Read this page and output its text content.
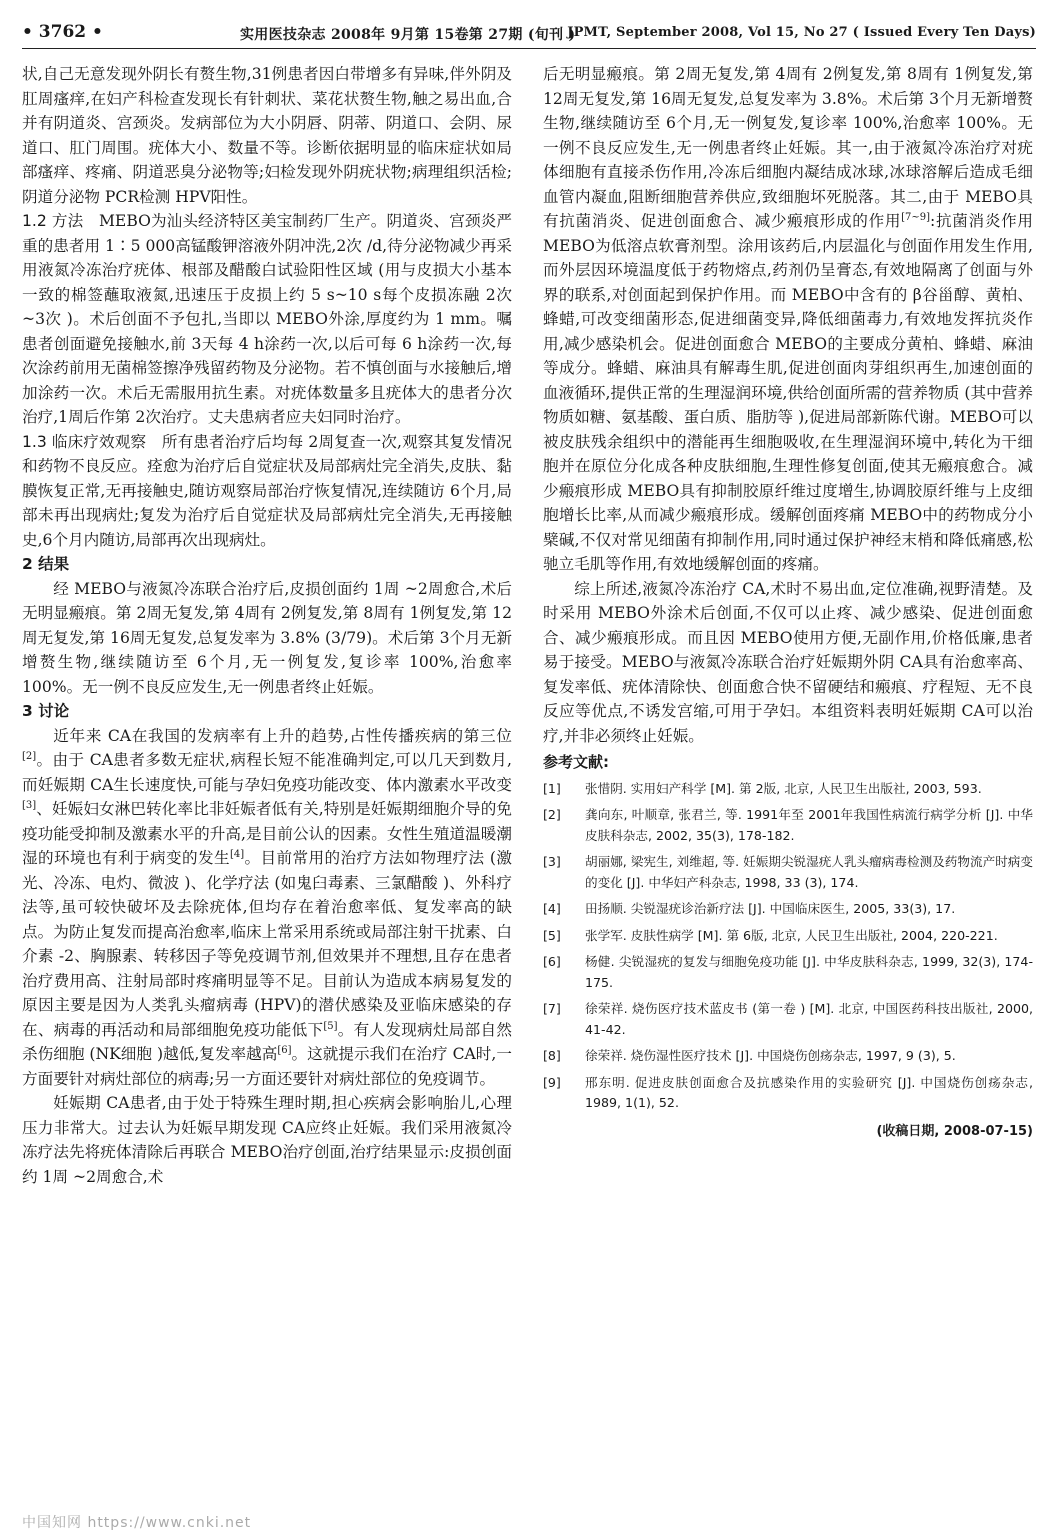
• 3762 •	实用医技杂志 2008年 9月第 15卷第 27期 (旬刊 )
JPMT, September 2008, Vol 15, No 27 ( Issued Every Ten Days)

状,自己无意发现外阴长有赘生物,31例患者因白带增多有异味,伴外阴及肛周瘙痒,在妇产科检查发现长有针刺状、菜花状赘生物,触之易出血,合并有阴道炎、宫颈炎。发病部位为大小阴唇、阴蒂、阴道口、会阴、尿道口、肛门周围。疣体大小、数量不等。诊断依据明显的临床症状如局部瘙痒、疼痛、阴道恶臭分泌物等;妇检发现外阴疣状物;病理组织活检;阴道分泌物 PCR检测 HPV阳性。

1.2 方法　 MEBO为汕头经济特区美宝制药厂生产。阴道炎、宫颈炎严重的患者用 1∶5 000高锰酸钾溶液外阴冲洗,2次 /d,待分泌物减少再采用液氮冷冻治疗疣体、根部及醋酸白试验阳性区域 (用与皮损大小基本一致的棉签蘸取液氮,迅速压于皮损上约 5 s~10 s每个皮损冻融 2次 ~3次 )。术后创面不予包扎,当即以 MEBO外涂,厚度约为 1 mm。嘱患者创面避免接触水,前 3天每 4 h涂药一次,以后可每 6 h涂药一次,每次涂药前用无菌棉签擦净残留药物及分泌物。若不慎创面与水接触后,增加涂药一次。术后无需服用抗生素。对疣体数量多且疣体大的患者分次治疗,1周后作第 2次治疗。丈夫患病者应夫妇同时治疗。

1.3 临床疗效观察　 所有患者治疗后均每 2周复查一次,观察其复发情况和药物不良反应。痊愈为治疗后自觉症状及局部病灶完全消失,皮肤、黏膜恢复正常,无再接触史,随访观察局部治疗恢复情况,连续随访 6个月,局部未再出现病灶;复发为治疗后自觉症状及局部病灶完全消失,无再接触史,6个月内随访,局部再次出现病灶。

2 结果

经 MEBO与液氮冷冻联合治疗后,皮损创面约 1周 ~2周愈合,术后无明显瘢痕。第 2周无复发,第 4周有 2例复发,第 8周有 1例复发,第 12周无复发,第 16周无复发,总复发率为 3.8% (3/79)。术后第 3个月无新增赘生物,继续随访至 6个月,无一例复发,复诊率 100%,治愈率 100%。无一例不良反应发生,无一例患者终止妊娠。

3 讨论

近年来 CA在我国的发病率有上升的趋势,占性传播疾病的第三位[2]。由于 CA患者多数无症状,病程长短不能准确判定,可以几天到数月,而妊娠期 CA生长速度快,可能与孕妇免疫功能改变、体内激素水平改变[3]、妊娠妇女淋巴转化率比非妊娠者低有关,特别是妊娠期细胞介导的免疫功能受抑制及激素水平的升高,是目前公认的因素。女性生殖道温暖潮湿的环境也有利于病变的发生[4]。目前常用的治疗方法如物理疗法 (激光、冷冻、电灼、微波 )、化学疗法 (如鬼臼毒素、三氯醋酸 )、外科疗法等,虽可较快破坏及去除疣体,但均存在着治愈率低、复发率高的缺点。为防止复发而提高治愈率,临床上常采用系统或局部注射干扰素、白介素 -2、胸腺素、转移因子等免疫调节剂,但效果并不理想,且存在患者治疗费用高、注射局部时疼痛明显等不足。目前认为造成本病易复发的原因主要是因为人类乳头瘤病毒 (HPV)的潜伏感染及亚临床感染的存在、病毒的再活动和局部细胞免疫功能低下[5]。有人发现病灶局部自然杀伤细胞 (NK细胞 )越低,复发率越高[6]。这就提示我们在治疗 CA时,一方面要针对病灶部位的病毒;另一方面还要针对病灶部位的免疫调节。

妊娠期 CA患者,由于处于特殊生理时期,担心疾病会影响胎儿,心理压力非常大。过去认为妊娠早期发现 CA应终止妊娠。我们采用液氮冷冻疗法先将疣体清除后再联合 MEBO治疗创面,治疗结果显示:皮损创面约 1周 ~2周愈合,术

后无明显瘢痕。第 2周无复发,第 4周有 2例复发,第 8周有 1例复发,第 12周无复发,第 16周无复发,总复发率为 3.8%。术后第 3个月无新增赘生物,继续随访至 6个月,无一例复发,复诊率 100%,治愈率 100%。无一例不良反应发生,无一例患者终止妊娠。其一,由于液氮冷冻治疗对疣体细胞有直接杀伤作用,冷冻后细胞内凝结成冰球,冰球溶解后造成毛细血管内凝血,阻断细胞营养供应,致细胞坏死脱落。其二,由于 MEBO具有抗菌消炎、促进创面愈合、减少瘢痕形成的作用[7~9]:抗菌消炎作用 MEBO为低溶点软膏剂型。涂用该药后,内层温化与创面作用发生作用,而外层因环境温度低于药物熔点,药剂仍呈膏态,有效地隔离了创面与外界的联系,对创面起到保护作用。而 MEBO中含有的 β谷甾醇、黄柏、蜂蜡,可改变细菌形态,促进细菌变异,降低细菌毒力,有效地发挥抗炎作用,减少感染机会。促进创面愈合 MEBO的主要成分黄柏、蜂蜡、麻油等成分。蜂蜡、麻油具有解毒生肌,促进创面肉芽组织再生,加速创面的血液循环,提供正常的生理湿润环境,供给创面所需的营养物质 (其中营养物质如糖、氨基酸、蛋白质、脂肪等 ),促进局部新陈代谢。MEBO可以被皮肤残余组织中的潜能再生细胞吸收,在生理湿润环境中,转化为干细胞并在原位分化成各种皮肤细胞,生理性修复创面,使其无瘢痕愈合。减少瘢痕形成 MEBO具有抑制胶原纤维过度增生,协调胶原纤维与上皮细胞增长比率,从而减少瘢痕形成。缓解创面疼痛 MEBO中的药物成分小檗碱,不仅对常见细菌有抑制作用,同时通过保护神经末梢和降低痛感,松驰立毛肌等作用,有效地缓解创面的疼痛。

综上所述,液氮冷冻治疗 CA,术时不易出血,定位准确,视野清楚。及时采用 MEBO外涂术后创面,不仅可以止疼、减少感染、促进创面愈合、减少瘢痕形成。而且因 MEBO使用方便,无副作用,价格低廉,患者易于接受。MEBO与液氮冷冻联合治疗妊娠期外阴 CA具有治愈率高、复发率低、疣体清除快、创面愈合快不留硬结和瘢痕、疗程短、无不良反应等优点,不诱发宫缩,可用于孕妇。本组资料表明妊娠期 CA可以治疗,并非必须终止妊娠。

参考文献:

[1] 张惜阴. 实用妇产科学 [M]. 第 2版, 北京, 人民卫生出版社, 2003, 593.
[2] 龚向东, 叶顺章, 张君兰, 等. 1991年至 2001年我国性病流行病学分析 [J]. 中华皮肤科杂志, 2002, 35(3), 178-182.
[3] 胡丽娜, 梁宪生, 刘维超, 等. 妊娠期尖锐湿疣人乳头瘤病毒检测及药物流产时病变的变化 [J]. 中华妇产科杂志, 1998, 33 (3), 174.
[4] 田扬顺. 尖锐湿疣诊治新疗法 [J]. 中国临床医生, 2005, 33(3), 17.
[5] 张学军. 皮肤性病学 [M]. 第 6版, 北京, 人民卫生出版社, 2004, 220-221.
[6] 杨健. 尖锐湿疣的复发与细胞免疫功能 [J]. 中华皮肤科杂志, 1999, 32(3), 174-175.
[7] 徐荣祥. 烧伤医疗技术蓝皮书 (第一卷 ) [M]. 北京, 中国医药科技出版社, 2000, 41-42.
[8] 徐荣祥. 烧伤湿性医疗技术 [J]. 中国烧伤创疡杂志, 1997, 9 (3), 5.
[9] 邢东明. 促进皮肤创面愈合及抗感染作用的实验研究 [J]. 中国烧伤创疡杂志, 1989, 1(1), 52.

(收稿日期, 2008-07-15)

中国知网 https://www.cnki.net
